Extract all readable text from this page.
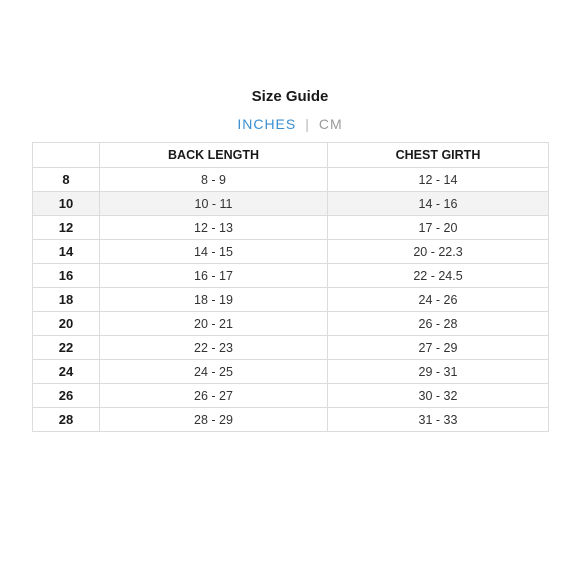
Size Guide
INCHES | CM
	BACK LENGTH	CHEST GIRTH
8	8 - 9	12 - 14
10	10 - 11	14 - 16
12	12 - 13	17 - 20
14	14 - 15	20 - 22.3
16	16 - 17	22 - 24.5
18	18 - 19	24 - 26
20	20 - 21	26 - 28
22	22 - 23	27 - 29
24	24 - 25	29 - 31
26	26 - 27	30 - 32
28	28 - 29	31 - 33
